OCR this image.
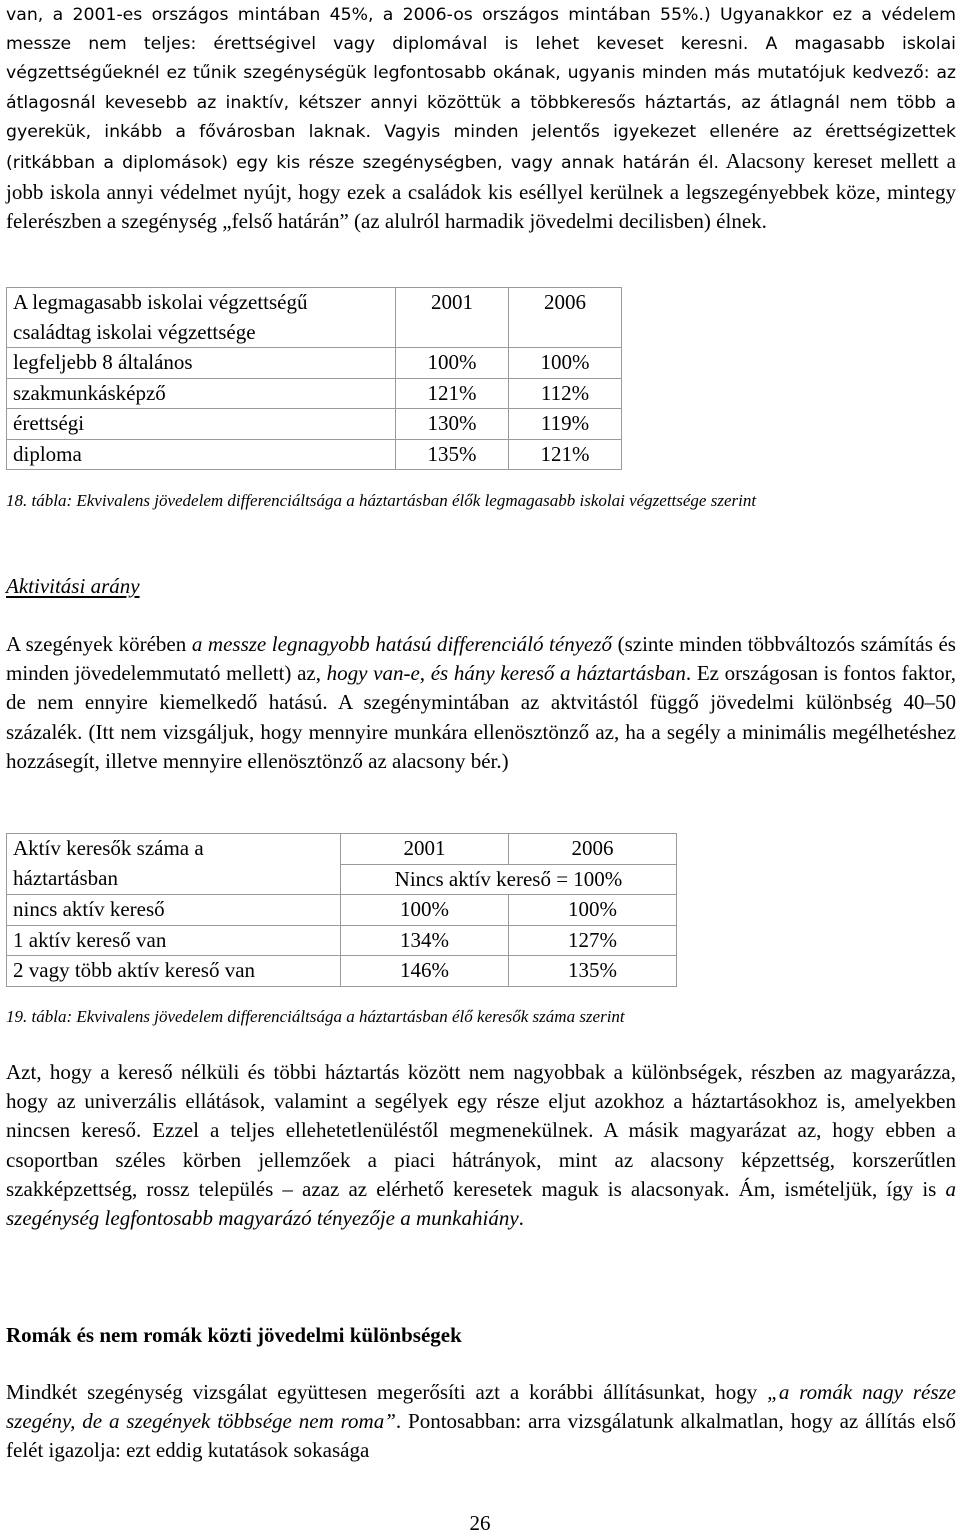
van, a 2001-es országos mintában 45%, a 2006-os országos mintában 55%.) Ugyanakkor ez a védelem messze nem teljes: érettségivel vagy diplomával is lehet keveset keresni. A magasabb iskolai végzettségűeknél ez tűnik szegénységük legfontosabb okának, ugyanis minden más mutatójuk kedvező: az átlagosnál kevesebb az inaktív, kétszer annyi közöttük a többkeresős háztartás, az átlagnál nem több a gyerekük, inkább a fővárosban laknak. Vagyis minden jelentős igyekezet ellenére az érettségizettek (ritkábban a diplomások) egy kis része szegénységben, vagy annak határán él. Alacsony kereset mellett a jobb iskola annyi védelmet nyújt, hogy ezek a családok kis eséllyel kerülnek a legszegényebbek köze, mintegy felerészben a szegénység „felső határán” (az alulról harmadik jövedelmi decilisben) élnek.
A legmagasabb iskolai végzettségű családtag iskolai végzettsége	2001	2006
legfeljebb 8 általános	100%	100%
szakmunkásképző	121%	112%
érettségi	130%	119%
diploma	135%	121%
18. tábla: Ekvivalens jövedelem differenciáltsága a háztartásban élők legmagasabb iskolai végzettsége szerint
Aktivitási arány
A szegények körében a messze legnagyobb hatású differenciáló tényező (szinte minden többváltozós számítás és minden jövedelemmutató mellett) az, hogy van-e, és hány kereső a háztartásban. Ez országosan is fontos faktor, de nem ennyire kiemelkedő hatású. A szegénymintában az aktvitástól függő jövedelmi különbség 40–50 százalék. (Itt nem vizsgáljuk, hogy mennyire munkára ellenösztönző az, ha a segély a minimális megélhetéshez hozzásegít, illetve mennyire ellenösztönző az alacsony bér.)
Aktív keresők száma a
háztartásban	2001	2006
	Nincs aktív kereső = 100%	
nincs aktív kereső	100%	100%
1 aktív kereső van	134%	127%
2 vagy több aktív kereső van	146%	135%
19. tábla: Ekvivalens jövedelem differenciáltsága a háztartásban élő keresők száma szerint
Azt, hogy a kereső nélküli és többi háztartás között nem nagyobbak a különbségek, részben az magyarázza, hogy az univerzális ellátások, valamint a segélyek egy része eljut azokhoz a háztartásokhoz is, amelyekben nincsen kereső. Ezzel a teljes ellehetetlenüléstől megmenekülnek. A másik magyarázat az, hogy ebben a csoportban széles körben jellemzőek a piaci hátrányok, mint az alacsony képzettség, korszerűtlen szakképzettség, rossz település – azaz az elérhető keresetek maguk is alacsonyak. Ám, ismételjük, így is a szegénység legfontosabb magyarázó tényezője a munkahiány.
Romák és nem romák közti jövedelmi különbségek
Mindkét szegénység vizsgálat együttesen megerősíti azt a korábbi állításunkat, hogy „a romák nagy része szegény, de a szegények többsége nem roma”. Pontosabban: arra vizsgálatunk alkalmatlan, hogy az állítás első felét igazolja: ezt eddig kutatások sokasága
26
